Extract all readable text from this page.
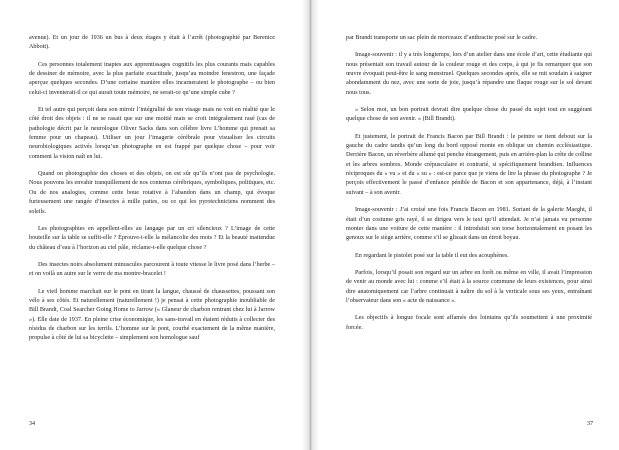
avenue). Et un jour de 1936 un bus à deux étages y était à l’arrêt (photographié par Berenice Abbott).

Ces personnes totalement inaptes aux apprentissages cognitifs les plus courants mais capables de dessiner de mémoire, avec la plus parfaite exactitude, jusqu’au moindre fenestron, une façade aperçue quelques secondes. D’une certaine manière elles incarneraient le photographe – ou bien celui-ci inventerait-il ce qui aurait toute mémoire, ne serait-ce qu’une simple cube ?

Et tel autre qui perçoit dans son miroir l’intégralité de son visage mais ne voit en réalité que le côté droit des objets : il ne se rasait que sur une moitié mais se croit intégralement rasé (cas de pathologie décrit par le neurologue Oliver Sacks dans son célèbre livre L’homme qui prenait sa femme pour un chapeau). Utiliser un jour l’imagerie cérébrale pour visualiser les circuits neurobiologiques activés lorsqu’un photographe en est frappé par quelque chose – pour voir comment la vision naît en lui.

Quand on photographie des choses et des objets, on est sûr qu’ils n’ont pas de psychologie. Nous pouvons les envahir tranquillement de nos contenus cérébriques, symboliques, politiques, etc. Ou de nos analogies, comme cette boue rotative à l’abandon dans un champ, qui évoque furieusement une rangée d’insectes à mille pattes, ou ce qui les pyrotechniciens nomment des soleils.

Les photographies en appellent-elles au langage par un cri silencieux ? L’image de cette bouteille sur la table se suffit-elle ? Éprouve-t-elle la mélancolie des mots ? Et la beauté inattendue du château d’eau à l’horizon au ciel pâle, réclame-t-elle quelque chose ?

Des insectes noirs absolument minuscules parcourent à toute vitesse le livre posé dans l’herbe – et on voilà un autre sur le verre de ma montre-bracelet !

Le vieil homme marchait sur le pont en tirant la langue, chaussé de chaussettes, poussant son vélo à ses côtés. Et naturellement (naturellement !) je pensai à cette photographie inoubliable de Bill Brandt, Coal Searcher Going Home to Jarrow (« Glaneur de charbon rentrant chez lui à Jarrow »). Elle date de 1937. En pleine crise économique, les sans-travail en étaient réduits à collecter des résidus de charbon sur les terrils. L’homme sur le pont, courbé exactement de la même manière, propulse à côté de lui sa bicyclette – simplement son homologue sauf

34

par Brandt transporte un sac plein de morceaux d’anthracite posé sur le cadre.

Image-souvenir : il y a très longtemps, lors d’un atelier dans une école d’art, cette étudiante qui nous présentait son travail autour de la couleur rouge et des corps, à qui je fis remarquer que son œuvre évoquait peut-être le sang menstruel. Quelques secondes après, elle se mit soudain à saigner abondamment du nez, avec une sorte de joie, jusqu’à répandre une flaque rouge sur le sol devant nous tous.

« Selon moi, un bon portrait devrait dire quelque chose du passé du sujet tout en suggérant quelque chose de son avenir. » (Bill Brandt).

Et justement, le portrait de Francis Bacon par Bill Brandt : le peintre se tient debout sur la gauche du cadre tandis qu’un long du bord opposé monte en oblique un chemin ecclésiastique. Derrière Bacon, un réverbère allumé qui penche étrangement, puis en arrière-plan la crête de colline et les arbres sombres. Monde crépusculaire et contrarié, si spécifiquement brandtien. Influences réciproques du « vu » et du « su » : est-ce parce que je viens de lire la phrase du photographe ? Je perçois effectivement le passé d’enfance pénible de Bacon et son appartenance, déjà, à l’instant suivant – à son avenir.

Image-souvenir : J’ai croisé une fois Francis Bacon en 1981. Sortant de la galerie Maeght, il était d’un costume gris rayé, il se dirigea vers le taxi qu’il attendait. Je n’ai jamais vu personne monter dans une voiture de cette manière : il introduisit son torse horizontalement en posant les genoux sur le siège arrière, comme s’il se glissait dans un étroit boyau.

En regardant le pistolet posé sur la table il eut des acouphènes.

Parfois, lorsqu’il posait son regard sur un arbre en forêt ou même en ville, il avait l’impression de venir au monde avec lui : comme s’il était à la source commune de leurs existences, pour ainsi dire anatomiquement car l’arbre continuait à naître du sol à la verticale sous ses yeux, entraînant l’observateur dans son « acte de naissance ».

Les objectifs à longue focale sont affamés des lointains qu’ils soumettent à une proximité forcée.

37
